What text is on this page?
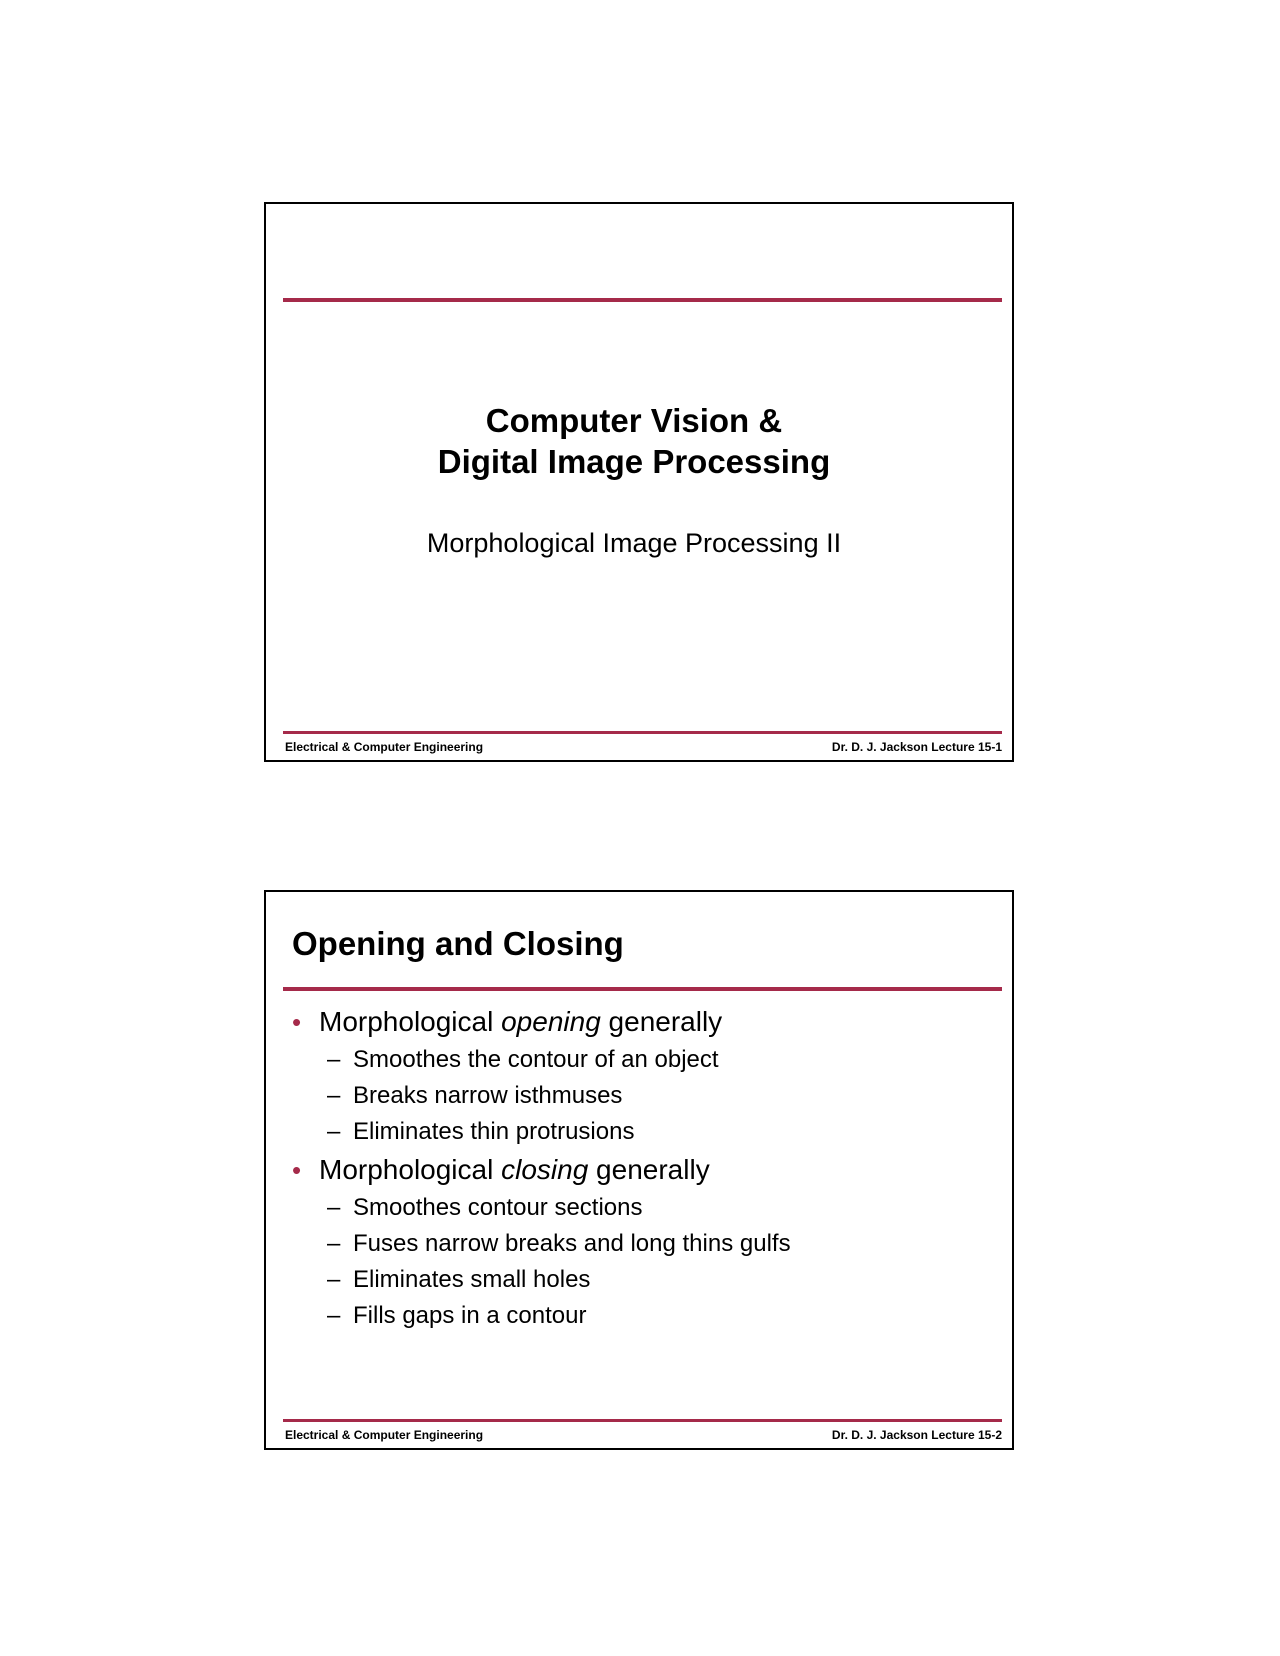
Computer Vision &
Digital Image Processing
Morphological Image Processing II
Electrical & Computer Engineering	Dr. D. J. Jackson Lecture 15-1
Opening and Closing
• Morphological opening generally
– Smoothes the contour of an object
– Breaks narrow isthmuses
– Eliminates thin protrusions
• Morphological closing generally
– Smoothes contour sections
– Fuses narrow breaks and long thins gulfs
– Eliminates small holes
– Fills gaps in a contour
Electrical & Computer Engineering	Dr. D. J. Jackson Lecture 15-2
